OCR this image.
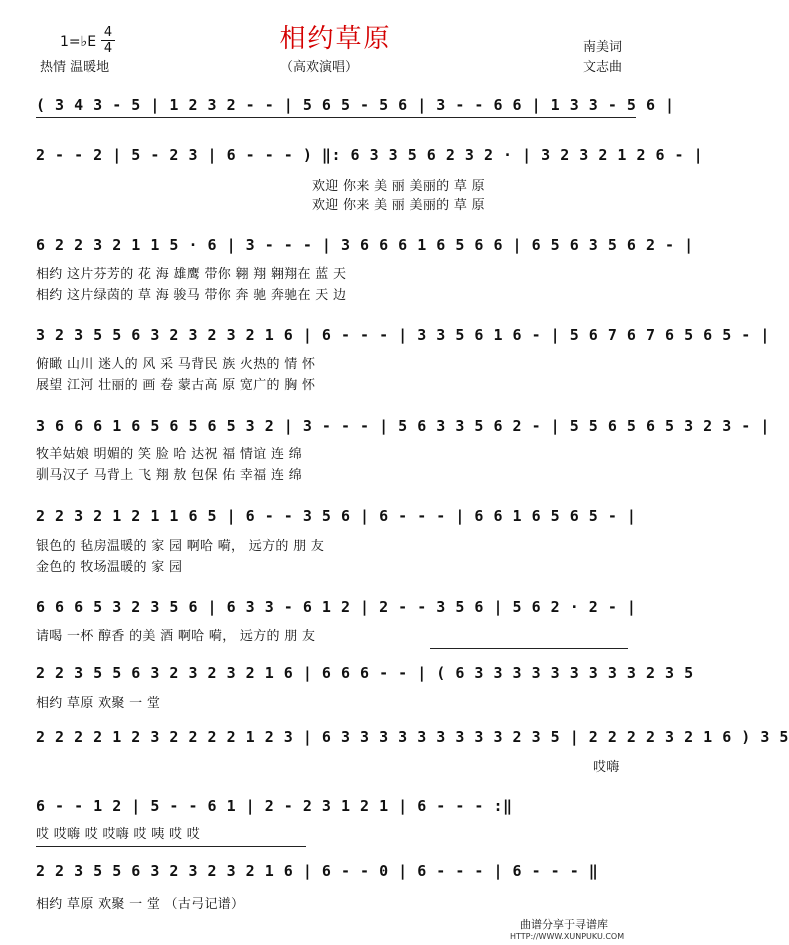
相约草原
1=♭E
4
4
热情 温暖地	（高欢演唱）
南美词
文志曲
( 3 4 3 - 5 | 1 2 3 2 - - | 5 6 5 - 5 6 | 3 - - 6 6 | 1 3 3 - 5 6 |
2 - - 2 | 5 - 2 3 | 6 - - - ) ‖: 6 3 3 5 6 2 3 2 · | 3 2 3 2 1 2 6 - |
欢迎 你来 美 丽 美丽的 草 原
欢迎 你来 美 丽 美丽的 草 原
6 2 2 3 2 1 1 5 · 6 | 3 - - - | 3 6 6 6 1 6 5 6 6 | 6 5 6 3 5 6 2 - |
相约 这片芬芳的 花 海 雄鹰 带你 翱 翔 翱翔在 蓝 天
相约 这片绿茵的 草 海 骏马 带你 奔 驰 奔驰在 天 边
3 2 3 5 5 6 3 2 3 2 3 2 1 6 | 6 - - - | 3 3 5 6 1 6 - | 5 6 7 6 7 6 5 6 5 - |
俯瞰 山川 迷人的 风 采 马背民 族 火热的 情 怀
展望 江河 壮丽的 画 卷 蒙古高 原 宽广的 胸 怀
3 6 6 6 1 6 5 6 5 6 5 3 2 | 3 - - - | 5 6 3 3 5 6 2 - | 5 5 6 5 6 5 3 2 3 - |
牧羊姑娘 明媚的 笑 脸 哈 达祝 福 情谊 连 绵
驯马汉子 马背上 飞 翔 敖 包保 佑 幸福 连 绵
2 2 3 2 1 2 1 1 6 5 | 6 - - 3 5 6 | 6 - - - | 6 6 1 6 5 6 5 - |
银色的 毡房温暖的 家 园 啊哈 嗬， 远方的 朋 友
金色的 牧场温暖的 家 园
6 6 6 5 3 2 3 5 6 | 6 3 3 - 6 1 2 | 2 - - 3 5 6 | 5 6 2 · 2 - |
请喝 一杯 醇香 的美 酒 啊哈 嗬， 远方的 朋 友
2 2 3 5 5 6 3 2 3 2 3 2 1 6 | 6 6 6 - - | ( 6 3 3 3 3 3 3 3 3 3 2 3 5
相约 草原 欢聚 一 堂
2 2 2 2 1 2 3 2 2 2 2 1 2 3 | 6 3 3 3 3 3 3 3 3 3 2 3 5 | 2 2 2 2 3 2 1 6 ) 3 5
哎嗨
6 - - 1 2 | 5 - - 6 1 | 2 - 2 3 1 2 1 | 6 - - - :‖
哎 哎嗨 哎 哎嗨 哎 咦 哎 哎
2 2 3 5 5 6 3 2 3 2 3 2 1 6 | 6 - - 0 | 6 - - - | 6 - - - ‖
相约 草原 欢聚 一 堂 （古弓记谱）
曲谱分享于寻谱库
HTTP://WWW.XUNPUKU.COM
